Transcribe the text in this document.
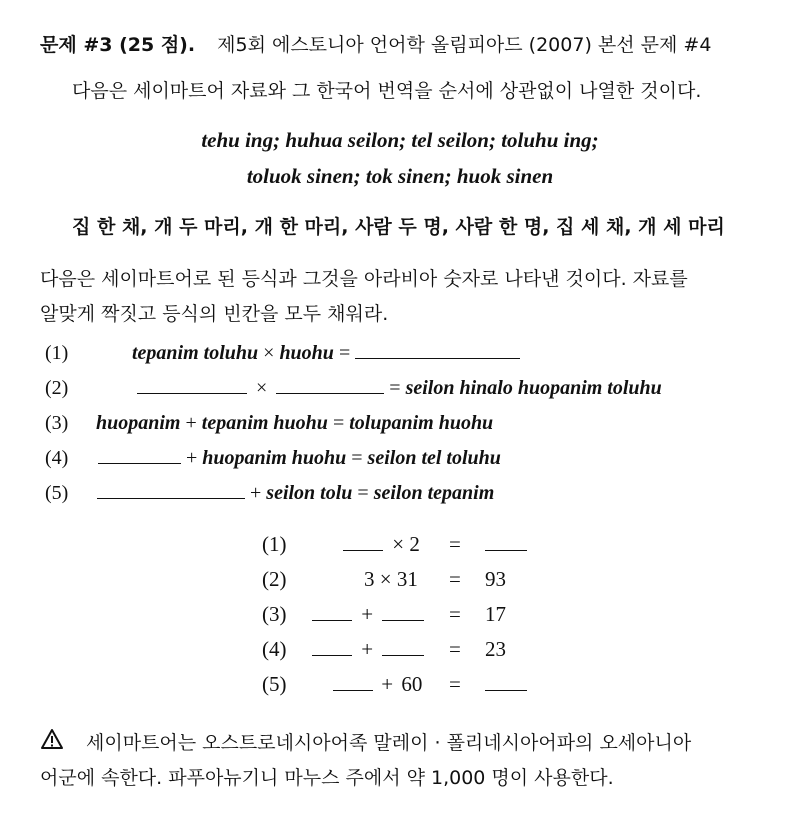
문제 #3 (25 점). 제5회 에스토니아 언어학 올림피아드 (2007) 본선 문제 #4
다음은 세이마트어 자료와 그 한국어 번역을 순서에 상관없이 나열한 것이다.
tehu ing; huhua seilon; tel seilon; toluhu ing;
toluok sinen; tok sinen; huok sinen
집 한 채, 개 두 마리, 개 한 마리, 사람 두 명, 사람 한 명, 집 세 채, 개 세 마리
다음은 세이마트어로 된 등식과 그것을 아라비아 숫자로 나타낸 것이다. 자료를
알맞게 짝짓고 등식의 빈칸을 모두 채워라.
(1)	tepanim toluhu × huohu =
(2)	×	= seilon hinalo huopanim toluhu
(3) huopanim + tepanim huohu = tolupanim huohu
(4)	+ huopanim huohu = seilon tel toluhu
(5)	+ seilon tolu = seilon tepanim
(1)	× 2 =
(2)	3 × 31 = 93
(3)	+	= 17
(4)	+	= 23
(5)	+ 60 =
세이마트어는 오스트로네시아어족 말레이 · 폴리네시아어파의 오세아니아
어군에 속한다. 파푸아뉴기니 마누스 주에서 약 1,000 명이 사용한다.
